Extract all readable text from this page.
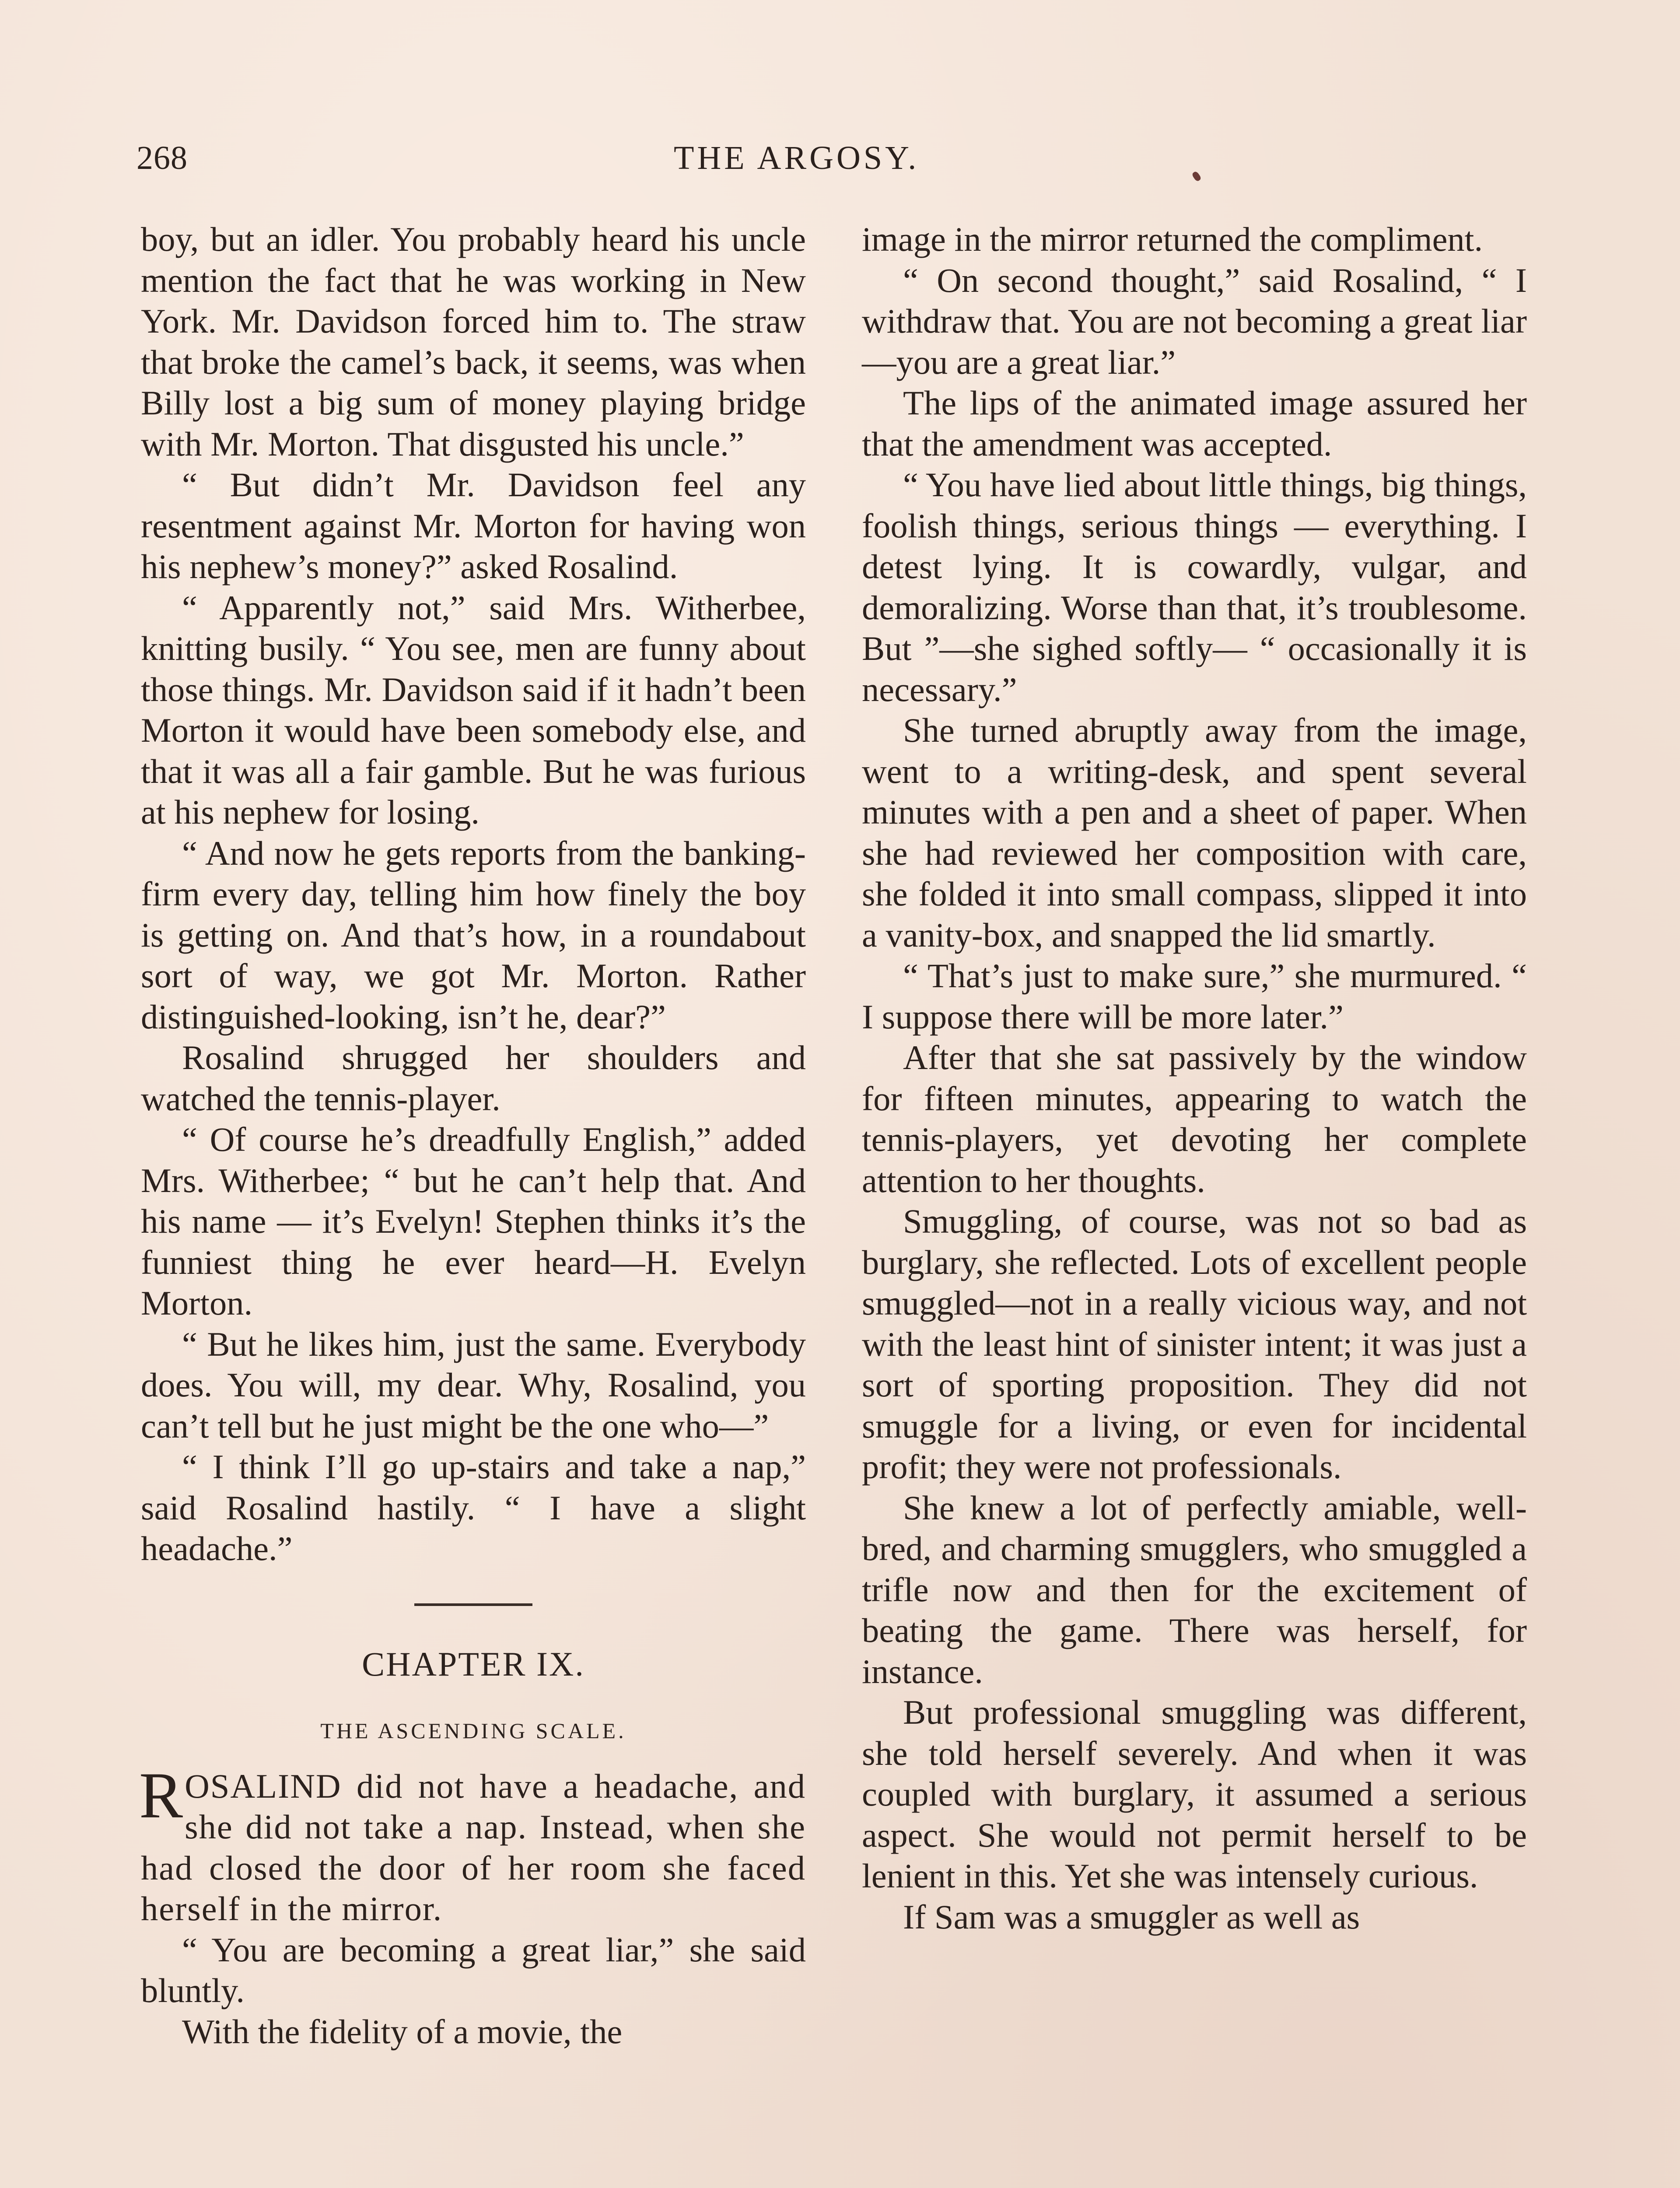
268	THE ARGOSY.

boy, but an idler. You probably heard his uncle mention the fact that he was working in New York. Mr. Davidson forced him to. The straw that broke the camel’s back, it seems, was when Billy lost a big sum of money playing bridge with Mr. Morton. That disgusted his uncle.”

“ But didn’t Mr. Davidson feel any resentment against Mr. Morton for having won his nephew’s money?” asked Rosalind.

“ Apparently not,” said Mrs. Witherbee, knitting busily. “ You see, men are funny about those things. Mr. Davidson said if it hadn’t been Morton it would have been somebody else, and that it was all a fair gamble. But he was furious at his nephew for losing.

“ And now he gets reports from the banking-firm every day, telling him how finely the boy is getting on. And that’s how, in a roundabout sort of way, we got Mr. Morton. Rather distinguished-looking, isn’t he, dear?”

Rosalind shrugged her shoulders and watched the tennis-player.

“ Of course he’s dreadfully English,” added Mrs. Witherbee; “ but he can’t help that. And his name — it’s Evelyn! Stephen thinks it’s the funniest thing he ever heard—H. Evelyn Morton.

“ But he likes him, just the same. Everybody does. You will, my dear. Why, Rosalind, you can’t tell but he just might be the one who—”

“ I think I’ll go up-stairs and take a nap,” said Rosalind hastily. “ I have a slight headache.”

CHAPTER IX.
THE ASCENDING SCALE.

ROSALIND did not have a headache, and she did not take a nap. Instead, when she had closed the door of her room she faced herself in the mirror.

“ You are becoming a great liar,” she said bluntly.

With the fidelity of a movie, the

image in the mirror returned the compliment.

“ On second thought,” said Rosalind, “ I withdraw that. You are not becoming a great liar—you are a great liar.”

The lips of the animated image assured her that the amendment was accepted.

“ You have lied about little things, big things, foolish things, serious things — everything. I detest lying. It is cowardly, vulgar, and demoralizing. Worse than that, it’s troublesome. But ”—she sighed softly— “ occasionally it is necessary.”

She turned abruptly away from the image, went to a writing-desk, and spent several minutes with a pen and a sheet of paper. When she had reviewed her composition with care, she folded it into small compass, slipped it into a vanity-box, and snapped the lid smartly.

“ That’s just to make sure,” she murmured. “ I suppose there will be more later.”

After that she sat passively by the window for fifteen minutes, appearing to watch the tennis-players, yet devoting her complete attention to her thoughts.

Smuggling, of course, was not so bad as burglary, she reflected. Lots of excellent people smuggled—not in a really vicious way, and not with the least hint of sinister intent; it was just a sort of sporting proposition. They did not smuggle for a living, or even for incidental profit; they were not professionals.

She knew a lot of perfectly amiable, well-bred, and charming smugglers, who smuggled a trifle now and then for the excitement of beating the game. There was herself, for instance.

But professional smuggling was different, she told herself severely. And when it was coupled with burglary, it assumed a serious aspect. She would not permit herself to be lenient in this. Yet she was intensely curious.

If Sam was a smuggler as well as
